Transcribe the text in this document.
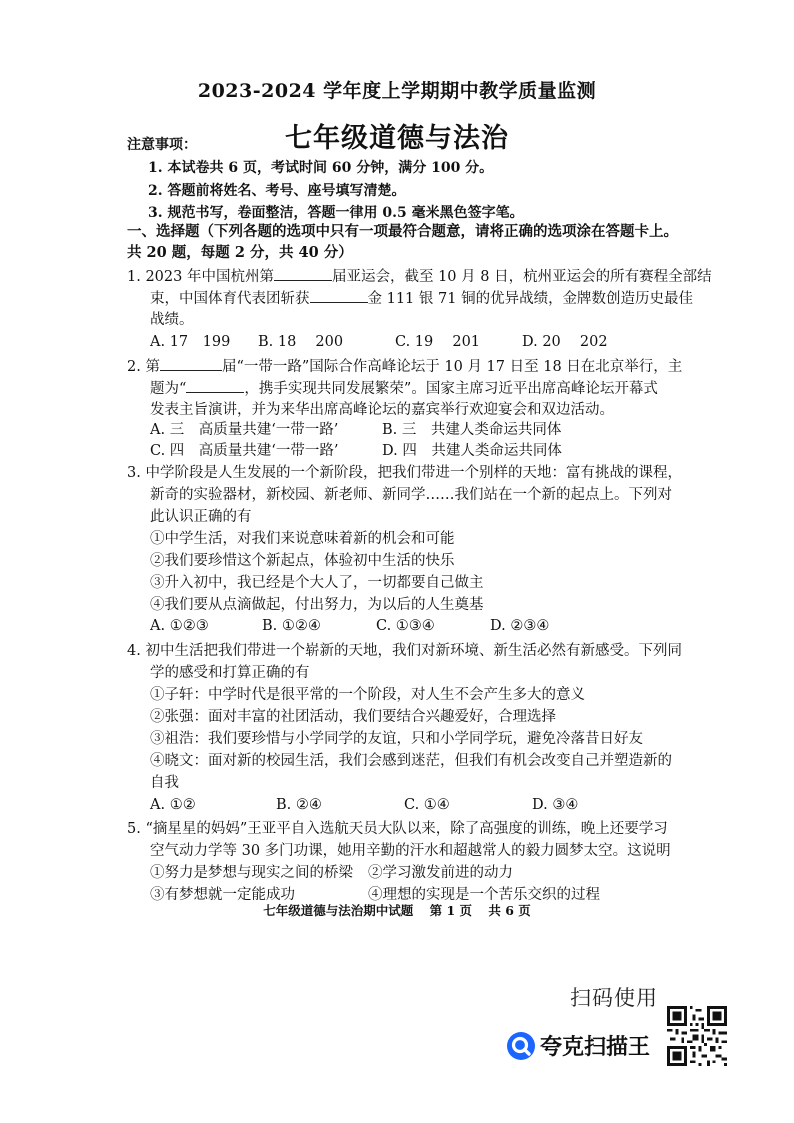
2023-2024 学年度上学期期中教学质量监测
七年级道德与法治
注意事项：
1. 本试卷共 6 页，考试时间 60 分钟，满分 100 分。
2. 答题前将姓名、考号、座号填写清楚。
3. 规范书写，卷面整洁，答题一律用 0.5 毫米黑色签字笔。
一、选择题（下列各题的选项中只有一项最符合题意，请将正确的选项涂在答题卡上。
共 20 题，每题 2 分，共 40 分）
1. 2023 年中国杭州第	届亚运会，截至 10 月 8 日，杭州亚运会的所有赛程全部结
束，中国体育代表团斩获	金 111 银 71 铜的优异战绩，金牌数创造历史最佳
战绩。
A. 17　199 B. 18　 200	C. 19　 201	D. 20　 202
2. 第	届“一带一路”国际合作高峰论坛于 10 月 17 日至 18 日在北京举行，主
题为“	，携手实现共同发展繁荣”。国家主席习近平出席高峰论坛开幕式
发表主旨演讲，并为来华出席高峰论坛的嘉宾举行欢迎宴会和双边活动。
A. 三　高质量共建‘一带一路’	B. 三　共建人类命运共同体
C. 四　高质量共建‘一带一路’	D. 四　共建人类命运共同体
3. 中学阶段是人生发展的一个新阶段，把我们带进一个别样的天地：富有挑战的课程，
新奇的实验器材，新校园、新老师、新同学……我们站在一个新的起点上。下列对
此认识正确的有
①中学生活，对我们来说意味着新的机会和可能
②我们要珍惜这个新起点，体验初中生活的快乐
③升入初中，我已经是个大人了，一切都要自己做主
④我们要从点滴做起，付出努力，为以后的人生奠基
A. ①②③	B. ①②④	C. ①③④	D. ②③④
4. 初中生活把我们带进一个崭新的天地，我们对新环境、新生活必然有新感受。下列同
学的感受和打算正确的有
①子轩：中学时代是很平常的一个阶段，对人生不会产生多大的意义
②张强：面对丰富的社团活动，我们要结合兴趣爱好，合理选择
③祖浩：我们要珍惜与小学同学的友谊，只和小学同学玩，避免冷落昔日好友
④晓文：面对新的校园生活，我们会感到迷茫，但我们有机会改变自己并塑造新的
自我
A. ①②	B. ②④	C. ①④	D. ③④
5. “摘星星的妈妈”王亚平自入选航天员大队以来，除了高强度的训练，晚上还要学习
空气动力学等 30 多门功课，她用辛勤的汗水和超越常人的毅力圆梦太空。这说明
①努力是梦想与现实之间的桥梁 ②学习激发前进的动力
③有梦想就一定能成功	④理想的实现是一个苦乐交织的过程
七年级道德与法治期中试题 第 1 页 共 6 页
扫码使用
夸克扫描王
